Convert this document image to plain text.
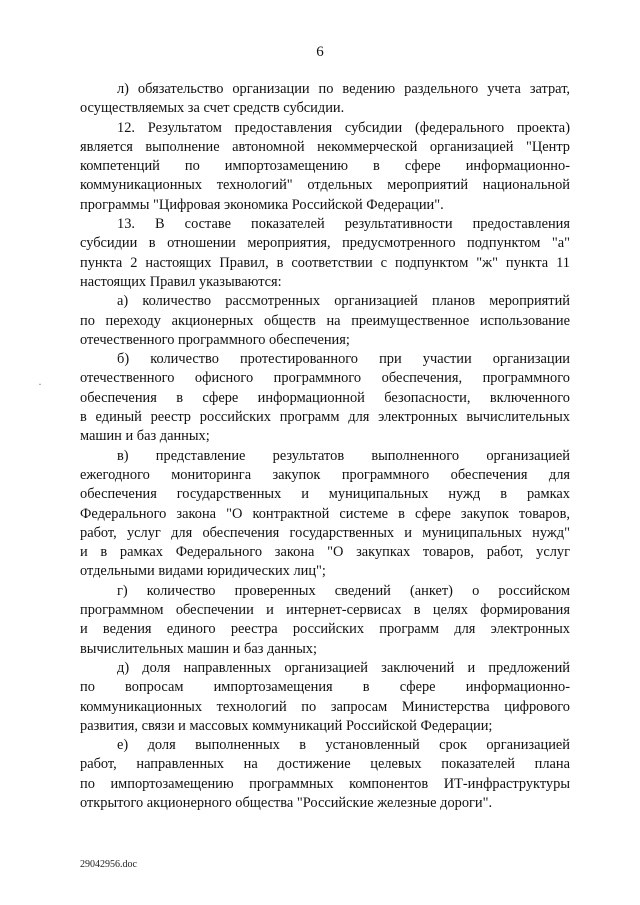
6
·

л) обязательство организации по ведению раздельного учета затрат,
осуществляемых за счет средств субсидии.

12. Результатом предоставления субсидии (федерального проекта)
является выполнение автономной некоммерческой организацией "Центр
компетенций по импортозамещению в сфере информационно-
коммуникационных технологий" отдельных мероприятий национальной
программы "Цифровая экономика Российской Федерации".

13. В составе показателей результативности предоставления
субсидии в отношении мероприятия, предусмотренного подпунктом "а"
пункта 2 настоящих Правил, в соответствии с подпунктом "ж" пункта 11
настоящих Правил указываются:

а) количество рассмотренных организацией планов мероприятий
по переходу акционерных обществ на преимущественное использование
отечественного программного обеспечения;

б) количество протестированного при участии организации
отечественного офисного программного обеспечения, программного
обеспечения в сфере информационной безопасности, включенного
в единый реестр российских программ для электронных вычислительных
машин и баз данных;

в) представление результатов выполненного организацией
ежегодного мониторинга закупок программного обеспечения для
обеспечения государственных и муниципальных нужд в рамках
Федерального закона "О контрактной системе в сфере закупок товаров,
работ, услуг для обеспечения государственных и муниципальных нужд"
и в рамках Федерального закона "О закупках товаров, работ, услуг
отдельными видами юридических лиц";

г) количество проверенных сведений (анкет) о российском
программном обеспечении и интернет-сервисах в целях формирования
и ведения единого реестра российских программ для электронных
вычислительных машин и баз данных;

д) доля направленных организацией заключений и предложений
по вопросам импортозамещения в сфере информационно-
коммуникационных технологий по запросам Министерства цифрового
развития, связи и массовых коммуникаций Российской Федерации;

е) доля выполненных в установленный срок организацией
работ, направленных на достижение целевых показателей плана
по импортозамещению программных компонентов ИТ-инфраструктуры
открытого акционерного общества "Российские железные дороги".

29042956.doc
